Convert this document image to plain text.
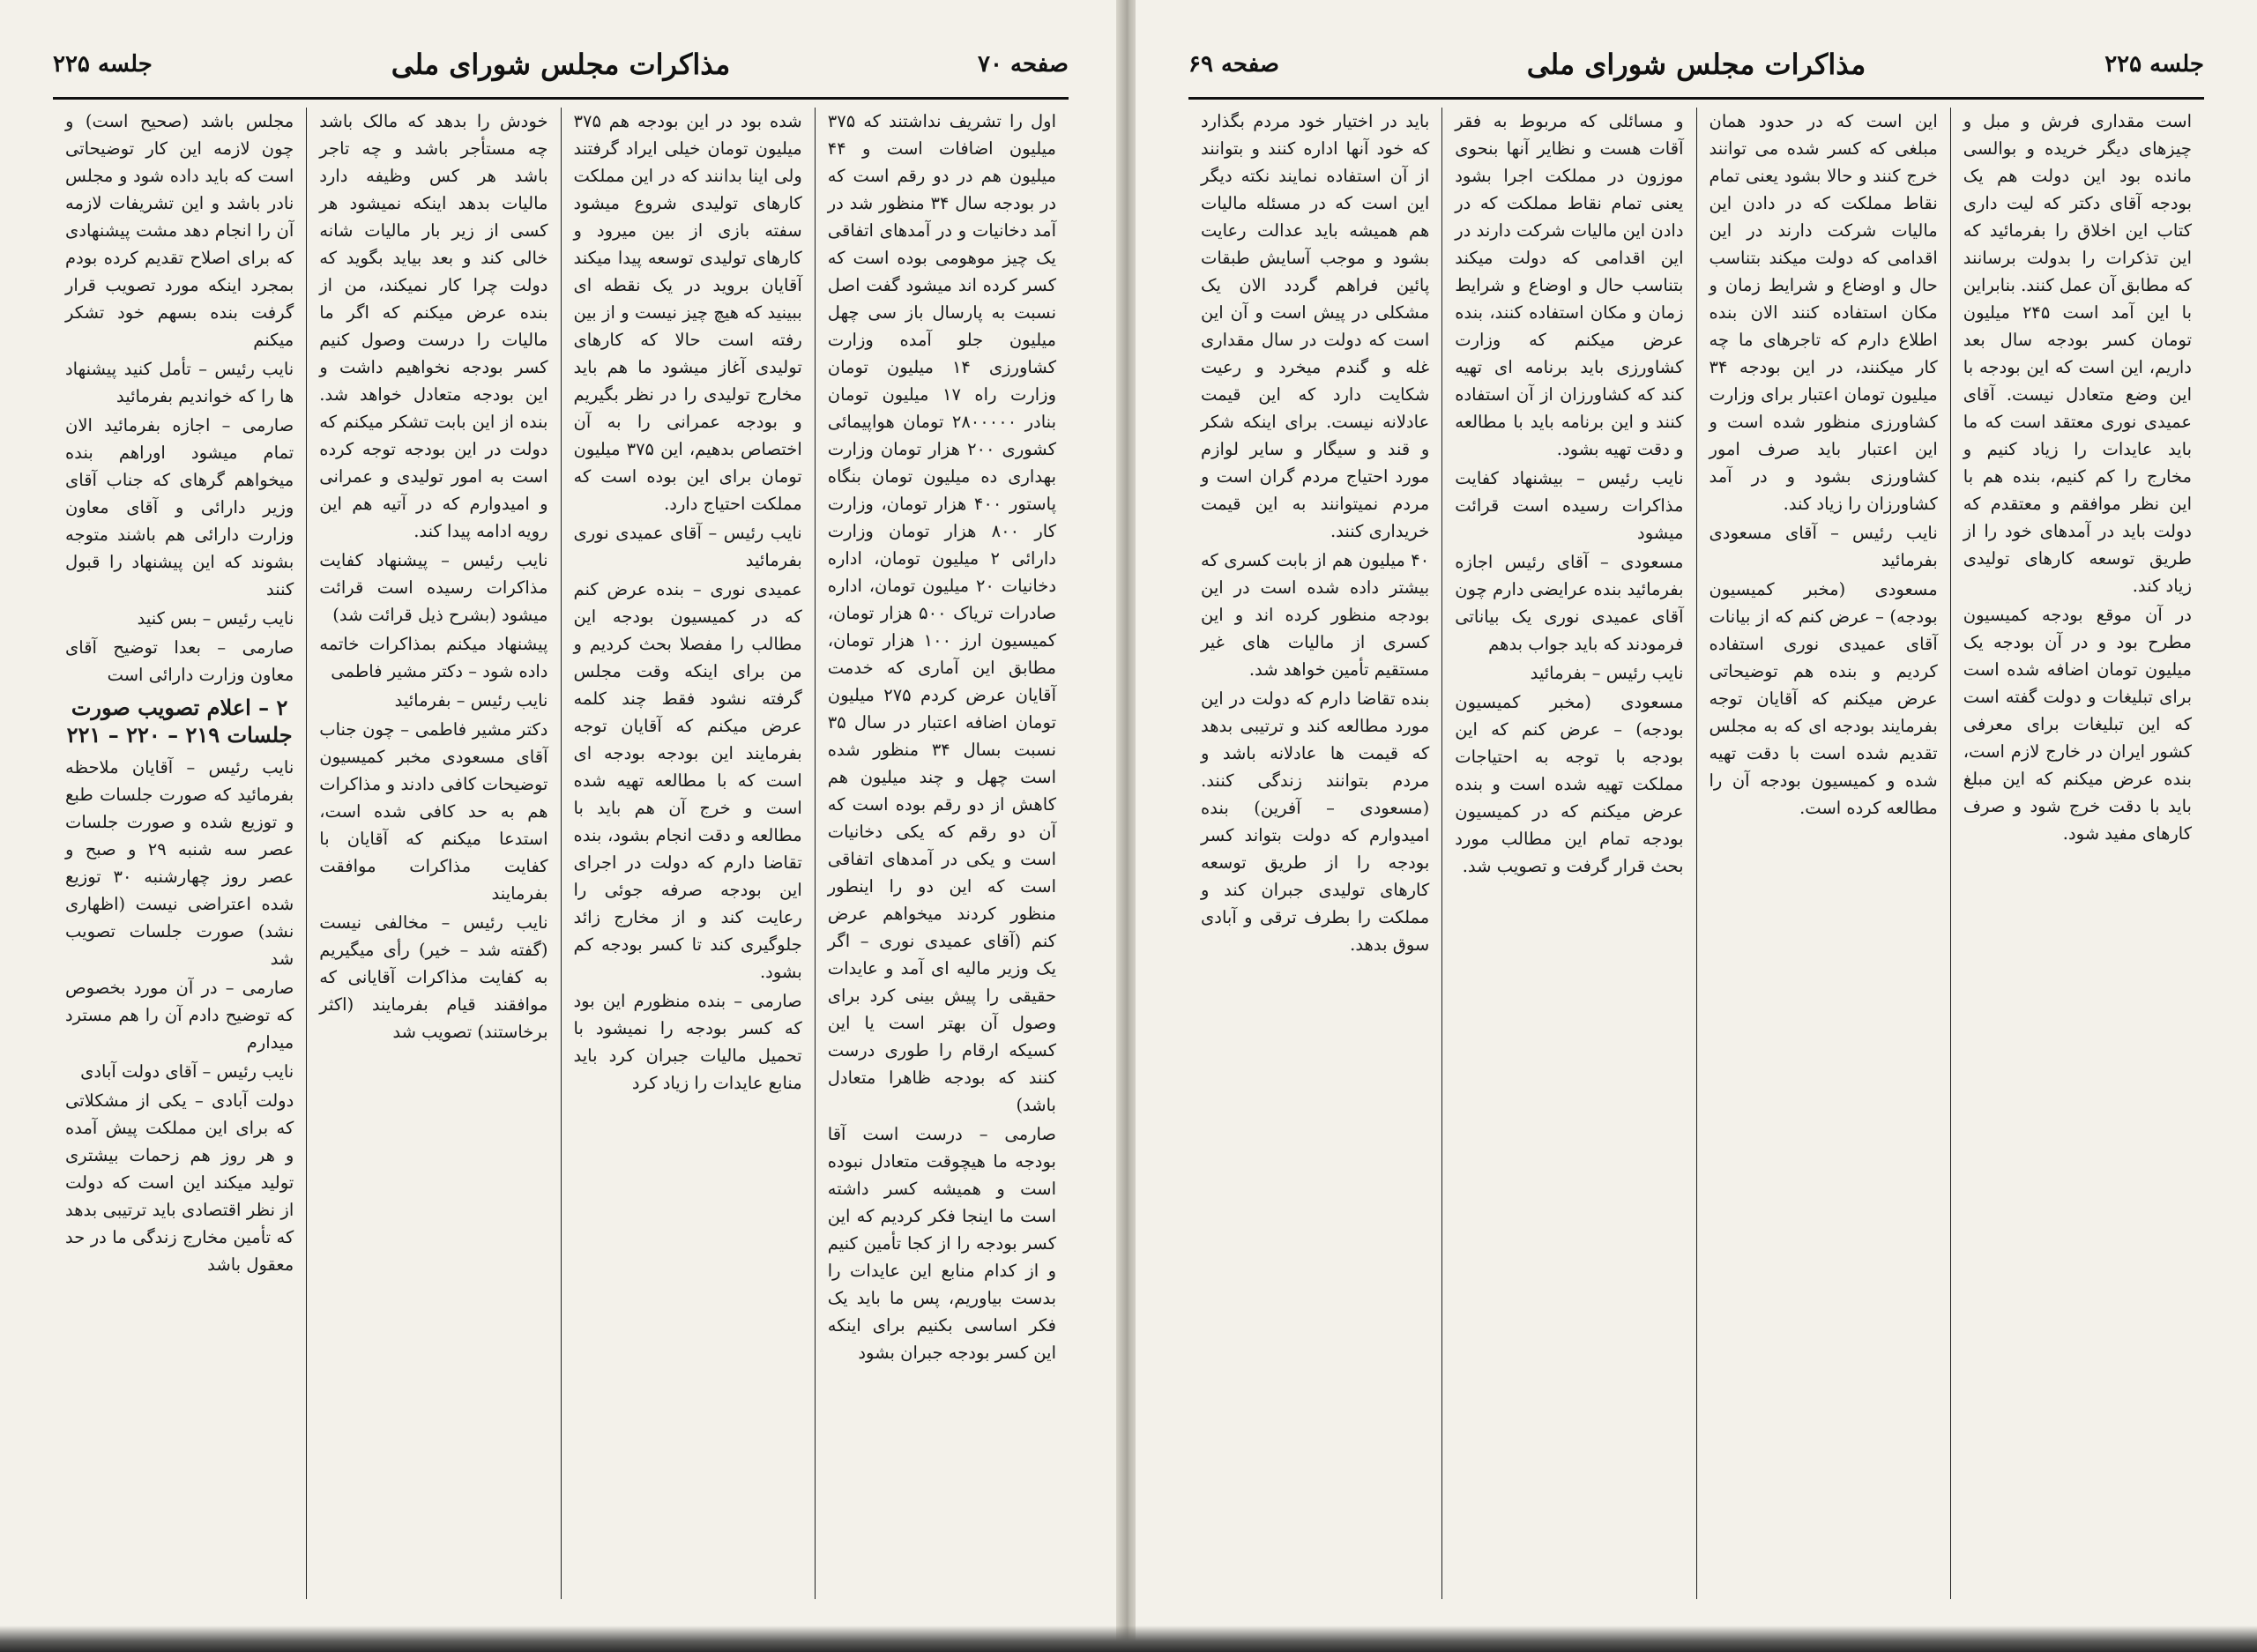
صفحه ۷۰
مذاکرات مجلس شورای ملی
جلسه ۲۲۵

اول را تشریف نداشتند که ۳۷۵ میلیون اضافات است و ۴۴ میلیون هم در دو رقم است که در بودجه سال ۳۴ منظور شد در آمد دخانیات و در آمدهای اتفاقی یک چیز موهومی بوده است که کسر کرده اند میشود گفت اصل نسبت به پارسال باز سی چهل میلیون جلو آمده وزارت کشاورزی ۱۴ میلیون تومان وزارت راه ۱۷ میلیون تومان بنادر ۲۸۰۰۰۰۰ تومان هواپیمائی کشوری ۲۰۰ هزار تومان وزارت بهداری ده میلیون تومان بنگاه پاستور ۴۰۰ هزار تومان، وزارت کار ۸۰۰ هزار تومان وزارت دارائی ۲ میلیون تومان، اداره دخانیات ۲۰ میلیون تومان، اداره صادرات تریاک ۵۰۰ هزار تومان، کمیسیون ارز ۱۰۰ هزار تومان، مطابق این آماری که خدمت آقایان عرض کردم ۲۷۵ میلیون تومان اضافه اعتبار در سال ۳۵ نسبت بسال ۳۴ منظور شده است چهل و چند میلیون هم کاهش از دو رقم بوده است که آن دو رقم که یکی دخانیات است و یکی در آمدهای اتفاقی است که این دو را اینطور منظور کردند میخواهم عرض کنم (آقای عمیدی نوری – اگر یک وزیر مالیه ای آمد و عایدات حقیقی را پیش بینی کرد برای وصول آن بهتر است یا این کسیکه ارقام را طوری درست کنند که بودجه ظاهرا متعادل باشد)

صارمی – درست است آقا بودجه ما هیچوقت متعادل نبوده است و همیشه کسر داشته است ما اینجا فکر کردیم که این کسر بودجه را از کجا تأمین کنیم و از کدام منابع این عایدات را بدست بیاوریم، پس ما باید یک فکر اساسی بکنیم برای اینکه این کسر بودجه جبران بشود

شده بود در این بودجه هم ۳۷۵ میلیون تومان خیلی ایراد گرفتند ولی اینا بدانند که در این مملکت کارهای تولیدی شروع میشود سفته بازی از بین میرود و کارهای تولیدی توسعه پیدا میکند آقایان بروید در یک نقطه ای ببینید که هیچ چیز نیست و از بین رفته است حالا که کارهای تولیدی آغاز میشود ما هم باید مخارج تولیدی را در نظر بگیریم و بودجه عمرانی را به آن اختصاص بدهیم، این ۳۷۵ میلیون تومان برای این بوده است که مملکت احتیاج دارد.

نایب رئیس – آقای عمیدی نوری بفرمائید

عمیدی نوری – بنده عرض کنم که در کمیسیون بودجه این مطالب را مفصلا بحث کردیم و من برای اینکه وقت مجلس گرفته نشود فقط چند کلمه عرض میکنم که آقایان توجه بفرمایند این بودجه بودجه ای است که با مطالعه تهیه شده است و خرج آن هم باید با مطالعه و دقت انجام بشود، بنده تقاضا دارم که دولت در اجرای این بودجه صرفه جوئی را رعایت کند و از مخارج زائد جلوگیری کند تا کسر بودجه کم بشود.

صارمی – بنده منظورم این بود که کسر بودجه را نمیشود با تحمیل مالیات جبران کرد باید منابع عایدات را زیاد کرد

خودش را بدهد که مالک باشد چه مستأجر باشد و چه تاجر باشد هر کس وظیفه دارد مالیات بدهد اینکه نمیشود هر کسی از زیر بار مالیات شانه خالی کند و بعد بیاید بگوید که دولت چرا کار نمیکند، من از بنده عرض میکنم که اگر ما مالیات را درست وصول کنیم کسر بودجه نخواهیم داشت و این بودجه متعادل خواهد شد. بنده از این بابت تشکر میکنم که دولت در این بودجه توجه کرده است به امور تولیدی و عمرانی و امیدوارم که در آتیه هم این رویه ادامه پیدا کند.

نایب رئیس – پیشنهاد کفایت مذاکرات رسیده است قرائت میشود (بشرح ذیل قرائت شد)

پیشنهاد میکنم بمذاکرات خاتمه داده شود – دکتر مشیر فاطمی

نایب رئیس – بفرمائید

دکتر مشیر فاطمی – چون جناب آقای مسعودی مخبر کمیسیون توضیحات کافی دادند و مذاکرات هم به حد کافی شده است، استدعا میکنم که آقایان با کفایت مذاکرات موافقت بفرمایند

نایب رئیس – مخالفی نیست (گفته شد – خیر) رأی میگیریم به کفایت مذاکرات آقایانی که موافقند قیام بفرمایند (اکثر برخاستند) تصویب شد

مجلس باشد (صحیح است) و چون لازمه این کار توضیحاتی است که باید داده شود و مجلس نادر باشد و این تشریفات لازمه آن را انجام دهد مشت پیشنهادی که برای اصلاح تقدیم کرده بودم بمجرد اینکه مورد تصویب قرار گرفت بنده بسهم خود تشکر میکنم

نایب رئیس – تأمل کنید پیشنهاد ها را که خواندیم بفرمائید

صارمی – اجازه بفرمائید الان تمام میشود اوراهم بنده میخواهم گرهای که جناب آقای وزیر دارائی و آقای معاون وزارت دارائی هم باشند متوجه بشوند که این پیشنهاد را قبول کنند

نایب رئیس – بس کنید

صارمی – بعدا توضیح آقای معاون وزارت دارائی است

۲ – اعلام تصویب صورت جلسات ۲۱۹ – ۲۲۰ – ۲۲۱

نایب رئیس – آقایان ملاحظه بفرمائید که صورت جلسات طبع و توزیع شده و صورت جلسات عصر سه شنبه ۲۹ و صبح و عصر روز چهارشنبه ۳۰ توزیع شده اعتراضی نیست (اظهاری نشد) صورت جلسات تصویب شد

صارمی – در آن مورد بخصوص که توضیح دادم آن را هم مسترد میدارم

نایب رئیس – آقای دولت آبادی

دولت آبادی – یکی از مشکلاتی که برای این مملکت پیش آمده و هر روز هم زحمات بیشتری تولید میکند این است که دولت از نظر اقتصادی باید ترتیبی بدهد که تأمین مخارج زندگی ما در حد معقول باشد

صفحه ۶۹	مذاکرات مجلس شورای ملی	جلسه ۲۲۵

است مقداری فرش و مبل و چیزهای دیگر خریده و بوالسی مانده بود این دولت هم یک بودجه آقای دکتر که لیت داری کتاب این اخلاق را بفرمائید که این تذکرات را بدولت برسانند که مطابق آن عمل کنند. بنابراین با این آمد است ۲۴۵ میلیون تومان کسر بودجه سال بعد داریم، این است که این بودجه با این وضع متعادل نیست. آقای عمیدی نوری معتقد است که ما باید عایدات را زیاد کنیم و مخارج را کم کنیم، بنده هم با این نظر موافقم و معتقدم که دولت باید در آمدهای خود را از طریق توسعه کارهای تولیدی زیاد کند.

در آن موقع بودجه کمیسیون مطرح بود و در آن بودجه یک میلیون تومان اضافه شده است برای تبلیغات و دولت گفته است که این تبلیغات برای معرفی کشور ایران در خارج لازم است، بنده عرض میکنم که این مبلغ باید با دقت خرج شود و صرف کارهای مفید شود.

این است که در حدود همان مبلغی که کسر شده می توانند خرج کنند و حالا بشود یعنی تمام نقاط مملکت که در دادن این مالیات شرکت دارند در این اقدامی که دولت میکند بتناسب حال و اوضاع و شرایط زمان و مکان استفاده کنند الان بنده اطلاع دارم که تاجرهای ما چه کار میکنند، در این بودجه ۳۴ میلیون تومان اعتبار برای وزارت کشاورزی منظور شده است و این اعتبار باید صرف امور کشاورزی بشود و در آمد کشاورزان را زیاد کند.

نایب رئیس – آقای مسعودی بفرمائید

مسعودی (مخبر کمیسیون بودجه) – عرض کنم که از بیانات آقای عمیدی نوری استفاده کردیم و بنده هم توضیحاتی عرض میکنم که آقایان توجه بفرمایند بودجه ای که به مجلس تقدیم شده است با دقت تهیه شده و کمیسیون بودجه آن را مطالعه کرده است.

و مسائلی که مربوط به فقر آقات هست و نظایر آنها بنحوی موزون در مملکت اجرا بشود یعنی تمام نقاط مملکت که در دادن این مالیات شرکت دارند در این اقدامی که دولت میکند بتناسب حال و اوضاع و شرایط زمان و مکان استفاده کنند، بنده عرض میکنم که وزارت کشاورزی باید برنامه ای تهیه کند که کشاورزان از آن استفاده کنند و این برنامه باید با مطالعه و دقت تهیه بشود.

نایب رئیس – بیشنهاد کفایت مذاکرات رسیده است قرائت میشود

مسعودی – آقای رئیس اجازه بفرمائید بنده عرایضی دارم چون آقای عمیدی نوری یک بیاناتی فرمودند که باید جواب بدهم

نایب رئیس – بفرمائید

مسعودی (مخبر کمیسیون بودجه) – عرض کنم که این بودجه با توجه به احتیاجات مملکت تهیه شده است و بنده عرض میکنم که در کمیسیون بودجه تمام این مطالب مورد بحث قرار گرفت و تصویب شد.

باید در اختیار خود مردم بگذارد که خود آنها اداره کنند و بتوانند از آن استفاده نمایند نکته دیگر این است که در مسئله مالیات هم همیشه باید عدالت رعایت بشود و موجب آسایش طبقات پائین فراهم گردد الان یک مشکلی در پیش است و آن این است که دولت در سال مقداری غله و گندم میخرد و رعیت شکایت دارد که این قیمت عادلانه نیست. برای اینکه شکر و قند و سیگار و سایر لوازم مورد احتیاج مردم گران است و مردم نمیتوانند به این قیمت خریداری کنند.

۴۰ میلیون هم از بابت کسری که بیشتر داده شده است در این بودجه منظور کرده اند و این کسری از مالیات های غیر مستقیم تأمین خواهد شد.

بنده تقاضا دارم که دولت در این مورد مطالعه کند و ترتیبی بدهد که قیمت ها عادلانه باشد و مردم بتوانند زندگی کنند. (مسعودی – آفرین) بنده امیدوارم که دولت بتواند کسر بودجه را از طریق توسعه کارهای تولیدی جبران کند و مملکت را بطرف ترقی و آبادی سوق بدهد.
